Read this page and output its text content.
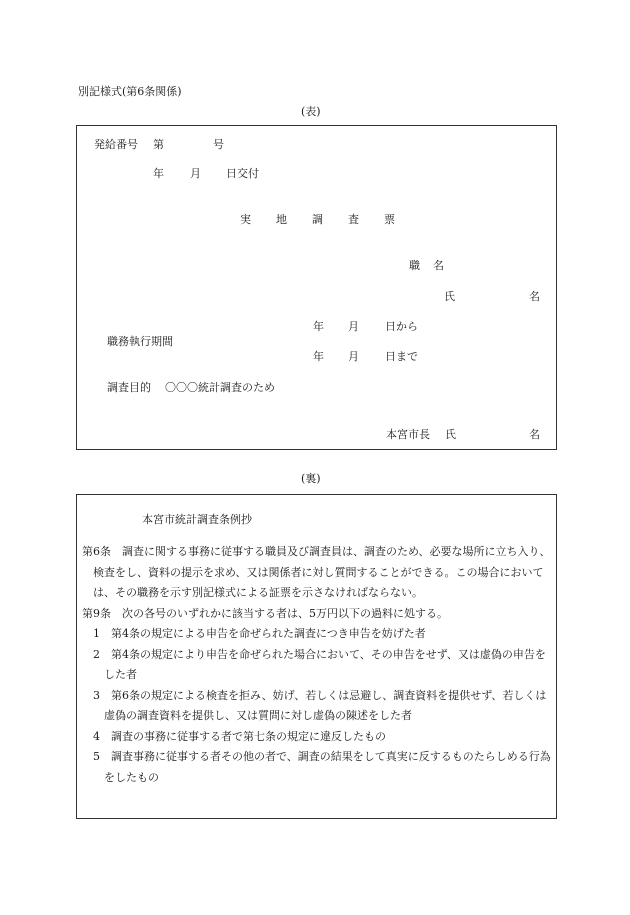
別記様式(第6条関係)
(表)
発給番号 第	号
年 月 日交付
実 地 調 査 票
職 名
氏	名
年 月 日から
職務執行期間
年 月 日まで
調査目的 〇〇〇統計調査のため
本宮市長 氏	名
(裏)
本宮市統計調査条例抄
第6条　調査に関する事務に従事する職員及び調査員は、調査のため、必要な場所に立ち入り、検査をし、資料の提示を求め、又は関係者に対し質問することができる。この場合においては、その職務を示す別記様式による証票を示さなければならない。
第9条　次の各号のいずれかに該当する者は、5万円以下の過料に処する。
1　第4条の規定による申告を命ぜられた調査につき申告を妨げた者
2　第4条の規定により申告を命ぜられた場合において、その申告をせず、又は虚偽の申告をした者
3　第6条の規定による検査を拒み、妨げ、若しくは忌避し、調査資料を提供せず、若しくは虚偽の調査資料を提供し、又は質問に対し虚偽の陳述をした者
4　調査の事務に従事する者で第七条の規定に違反したもの
5　調査事務に従事する者その他の者で、調査の結果をして真実に反するものたらしめる行為をしたもの
